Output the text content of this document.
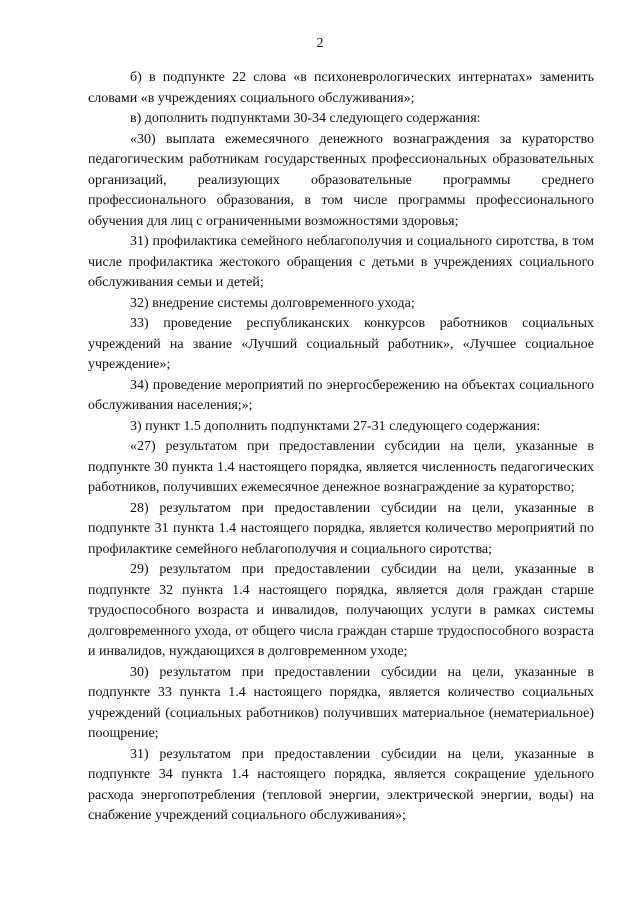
2

б) в подпункте 22 слова «в психоневрологических интернатах» заменить словами «в учреждениях социального обслуживания»;

в) дополнить подпунктами 30-34 следующего содержания:

«30) выплата ежемесячного денежного вознаграждения за кураторство педагогическим работникам государственных профессиональных образовательных организаций, реализующих образовательные программы среднего профессионального образования, в том числе программы профессионального обучения для лиц с ограниченными возможностями здоровья;

31) профилактика семейного неблагополучия и социального сиротства, в том числе профилактика жестокого обращения с детьми в учреждениях социального обслуживания семьи и детей;

32) внедрение системы долговременного ухода;

33) проведение республиканских конкурсов работников социальных учреждений на звание «Лучший социальный работник», «Лучшее социальное учреждение»;

34) проведение мероприятий по энергосбережению на объектах социального обслуживания населения;»;

3) пункт 1.5 дополнить подпунктами 27-31 следующего содержания:

«27) результатом при предоставлении субсидии на цели, указанные в подпункте 30 пункта 1.4 настоящего порядка, является численность педагогических работников, получивших ежемесячное денежное вознаграждение за кураторство;

28) результатом при предоставлении субсидии на цели, указанные в подпункте 31 пункта 1.4 настоящего порядка, является количество мероприятий по профилактике семейного неблагополучия и социального сиротства;

29) результатом при предоставлении субсидии на цели, указанные в подпункте 32 пункта 1.4 настоящего порядка, является доля граждан старше трудоспособного возраста и инвалидов, получающих услуги в рамках системы долговременного ухода, от общего числа граждан старше трудоспособного возраста и инвалидов, нуждающихся в долговременном уходе;

30) результатом при предоставлении субсидии на цели, указанные в подпункте 33 пункта 1.4 настоящего порядка, является количество социальных учреждений (социальных работников) получивших материальное (нематериальное) поощрение;

31) результатом при предоставлении субсидии на цели, указанные в подпункте 34 пункта 1.4 настоящего порядка, является сокращение удельного расхода энергопотребления (тепловой энергии, электрической энергии, воды) на снабжение учреждений социального обслуживания»;
